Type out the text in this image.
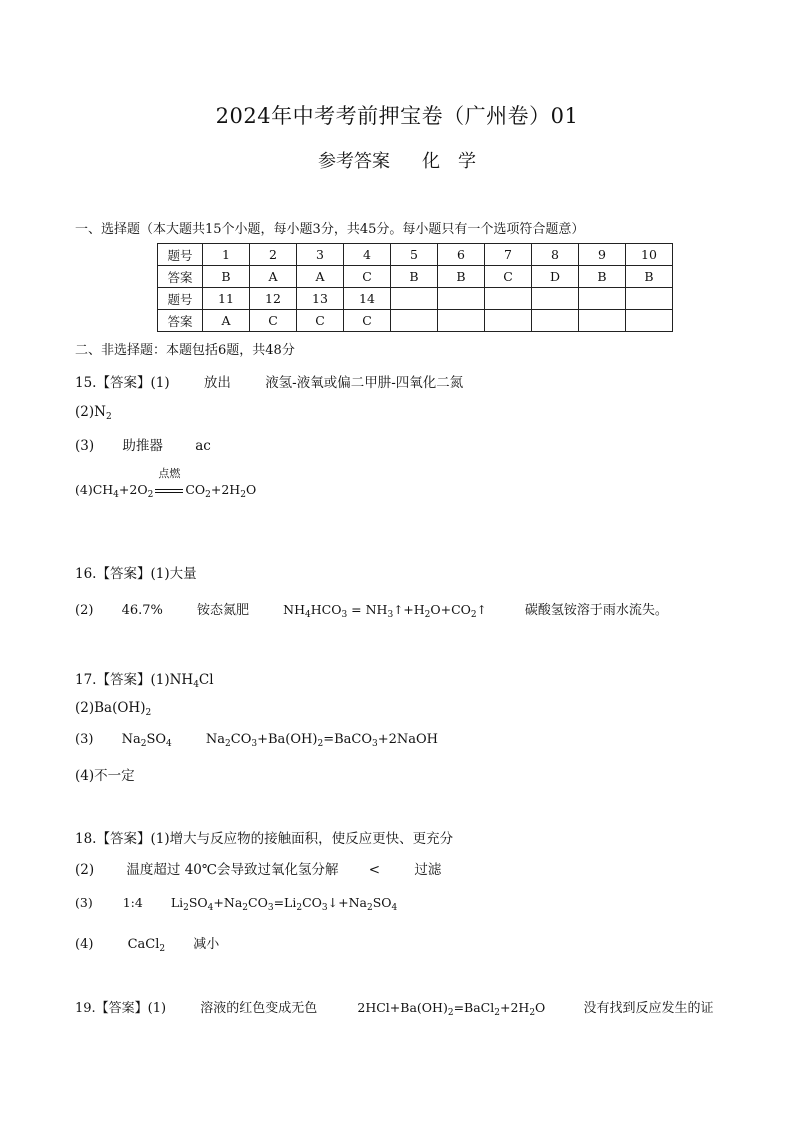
2024年中考考前押宝卷（广州卷）01
参考答案 化 学
一、选择题（本大题共15个小题，每小题3分，共45分。每小题只有一个选项符合题意）
题号	1	2	3	4	5	6	7	8	9	10
答案	B	A	A	C	B	B	C	D	B	B
题号	11	12	13	14						
答案	A	C	C	C						
二、非选择题：本题包括6题，共48分
15.【答案】(1)	放出	液氢-液氧或偏二甲肼-四氧化二氮
$(2)N_2$
(3) 助推器 ac
$(4)CH_4+2O_2$
点燃
$CO_2+2H_2O$
16.【答案】(1)大量
(2) 46.7%	铵态氮肥	$NH_4HCO_3$ = $NH_3↑+H_2O+CO_2↑$	碳酸氢铵溶于雨水流失。
17.【答案】$(1)NH_4Cl$
$(2)Ba(OH)_2$
(3) $Na_2SO_4$	$Na_2CO_3+Ba(OH)_2=BaCO_3+2NaOH$
(4)不一定
18.【答案】(1)增大与反应物的接触面积，使反应更快、更充分
(2) 温度超过 40℃会导致过氧化氢分解 <	过滤
(3) 1:4 $Li_2SO_4+Na_2CO_3=Li_2CO_3↓+Na_2SO_4$
(4)	CaCl$_2$ 减小
19.【答案】(1)	溶液的红色变成无色	$2HCl+Ba(OH)_2=BaCl_2+2H_2O$	没有找到反应发生的证
